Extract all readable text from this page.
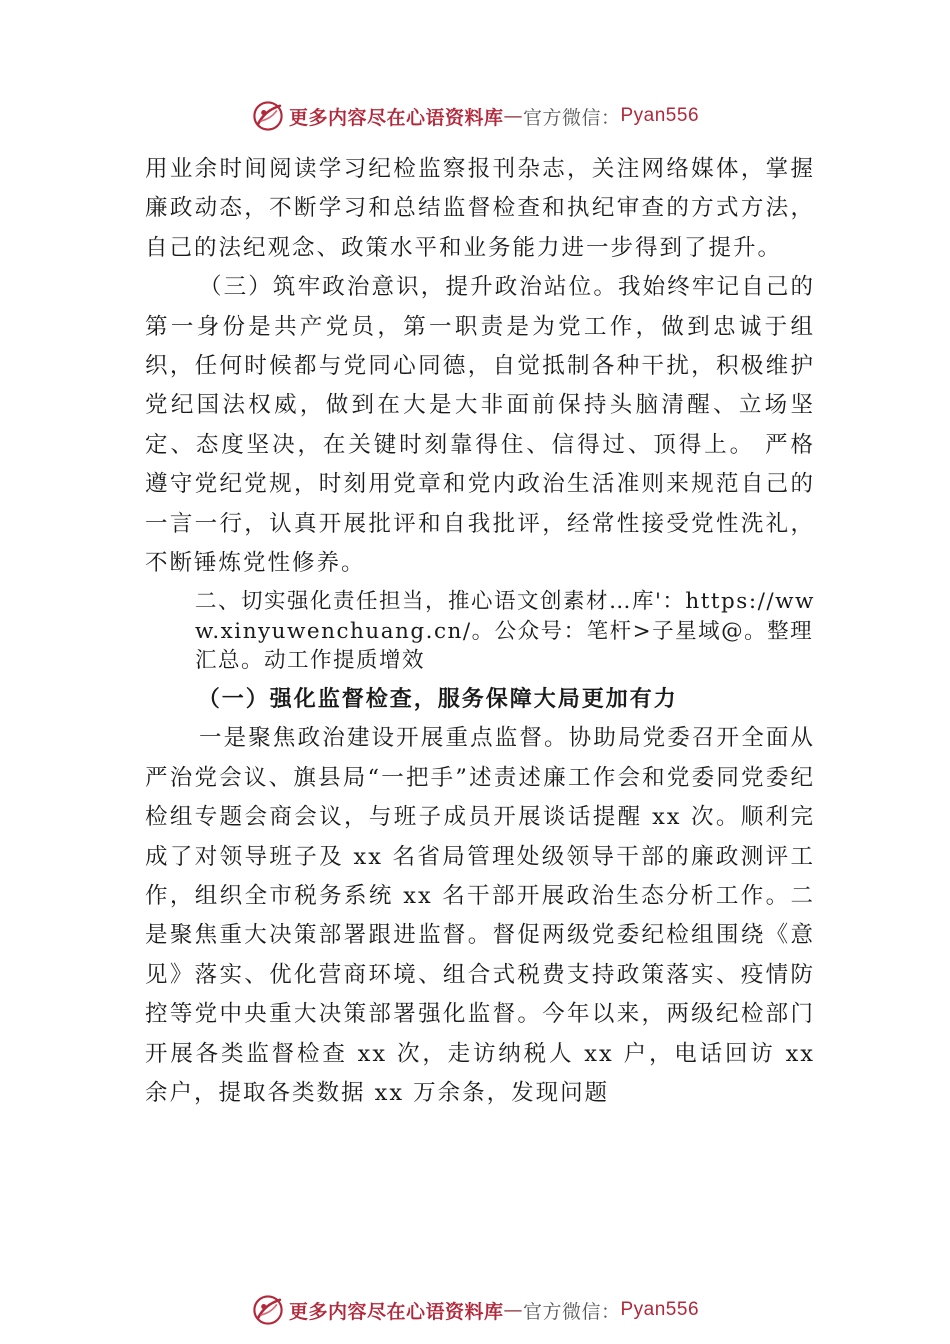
更多内容尽在心语资料库 — 官方微信： Pyan556

用业余时间阅读学习纪检监察报刊杂志，关注网络媒体，掌握廉政动态，不断学习和总结监督检查和执纪审查的方式方法，自己的法纪观念、政策水平和业务能力进一步得到了提升。

（三）筑牢政治意识，提升政治站位。我始终牢记自己的第一身份是共产党员，第一职责是为党工作，做到忠诚于组织，任何时候都与党同心同德，自觉抵制各种干扰，积极维护党纪国法权威，做到在大是大非面前保持头脑清醒、立场坚定、态度坚决，在关键时刻靠得住、信得过、顶得上。 严格遵守党纪党规，时刻用党章和党内政治生活准则来规范自己的一言一行，认真开展批评和自我批评，经常性接受党性洗礼，不断锤炼党性修养。

二、切实强化责任担当，推心语文创素材…库'：https://www.xinyuwenchuang.cn/。公众号：笔杆>子星域@。整理汇总。动工作提质增效

（一）强化监督检查，服务保障大局更加有力

一是聚焦政治建设开展重点监督。协助局党委召开全面从严治党会议、旗县局“一把手”述责述廉工作会和党委同党委纪检组专题会商会议，与班子成员开展谈话提醒 xx 次。顺利完成了对领导班子及 xx 名省局管理处级领导干部的廉政测评工作，组织全市税务系统 xx 名干部开展政治生态分析工作。二是聚焦重大决策部署跟进监督。督促两级党委纪检组围绕《意见》落实、优化营商环境、组合式税费支持政策落实、疫情防控等党中央重大决策部署强化监督。今年以来，两级纪检部门开展各类监督检查 xx 次，走访纳税人 xx 户，电话回访 xx 余户，提取各类数据 xx 万余条，发现问题

更多内容尽在心语资料库 — 官方微信： Pyan556
